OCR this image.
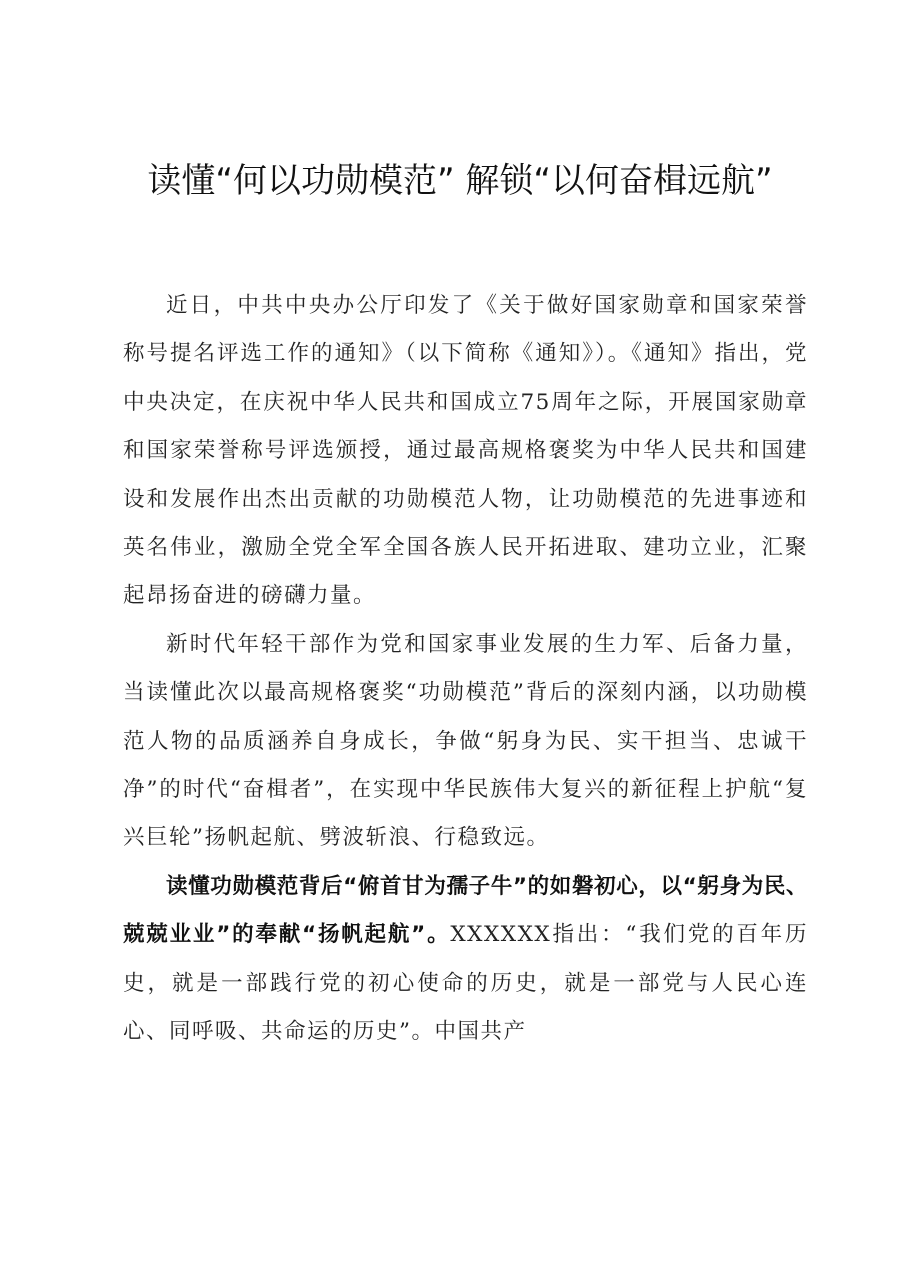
读懂“何以功勋模范” 解锁“以何奋楫远航”

近日，中共中央办公厅印发了《关于做好国家勋章和国家荣誉称号提名评选工作的通知》（以下简称《通知》）。《通知》指出，党中央决定，在庆祝中华人民共和国成立75周年之际，开展国家勋章和国家荣誉称号评选颁授，通过最高规格褒奖为中华人民共和国建设和发展作出杰出贡献的功勋模范人物，让功勋模范的先进事迹和英名伟业，激励全党全军全国各族人民开拓进取、建功立业，汇聚起昂扬奋进的磅礴力量。

新时代年轻干部作为党和国家事业发展的生力军、后备力量，当读懂此次以最高规格褒奖“功勋模范”背后的深刻内涵，以功勋模范人物的品质涵养自身成长，争做“躬身为民、实干担当、忠诚干净”的时代“奋楫者”，在实现中华民族伟大复兴的新征程上护航“复兴巨轮”扬帆起航、劈波斩浪、行稳致远。

读懂功勋模范背后“俯首甘为孺子牛”的如磐初心，以“躬身为民、兢兢业业”的奉献“扬帆起航”。XXXXXX指出：“我们党的百年历史，就是一部践行党的初心使命的历史，就是一部党与人民心连心、同呼吸、共命运的历史”。中国共产
